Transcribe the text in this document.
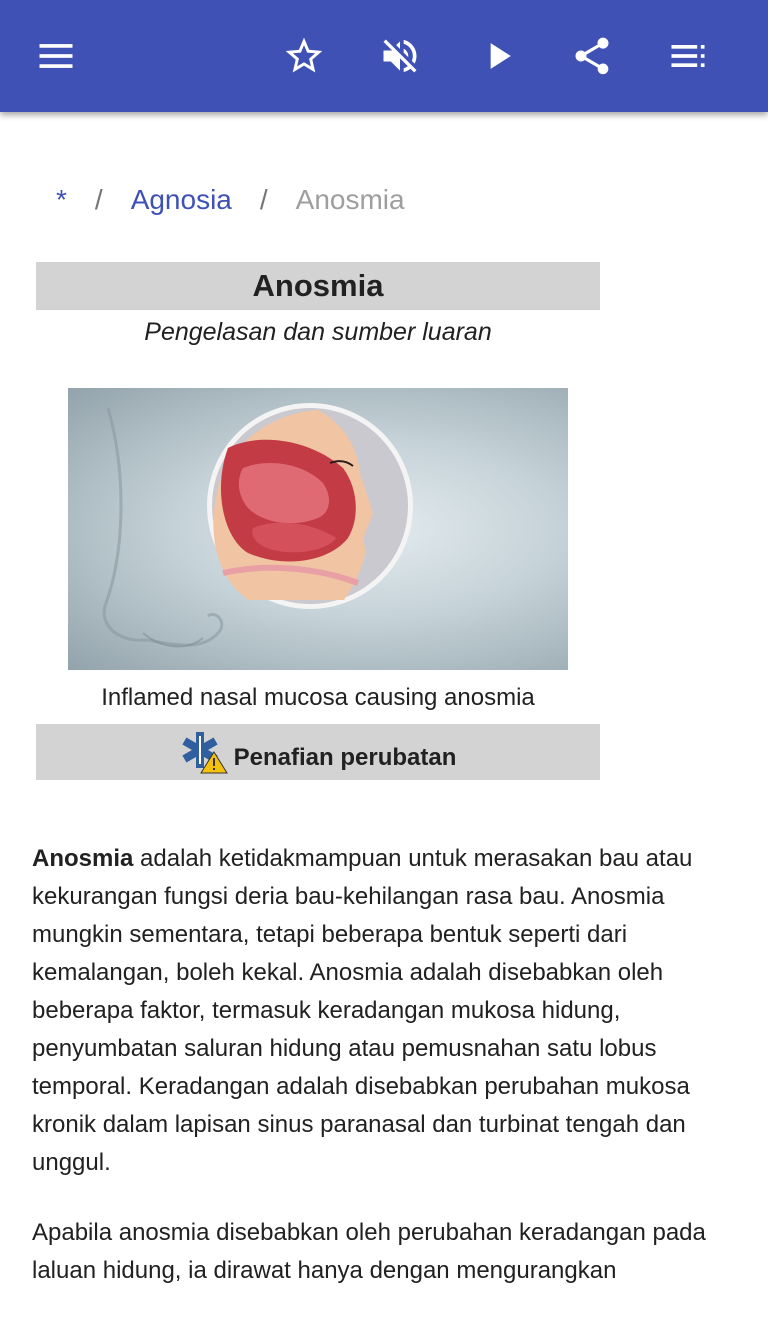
* / Agnosia / Anosmia
Anosmia
Pengelasan dan sumber luaran
Inflamed nasal mucosa causing anosmia
Penafian perubatan

Anosmia adalah ketidakmampuan untuk merasakan bau atau kekurangan fungsi deria bau-kehilangan rasa bau. Anosmia mungkin sementara, tetapi beberapa bentuk seperti dari kemalangan, boleh kekal. Anosmia adalah disebabkan oleh beberapa faktor, termasuk keradangan mukosa hidung, penyumbatan saluran hidung atau pemusnahan satu lobus temporal. Keradangan adalah disebabkan perubahan mukosa kronik dalam lapisan sinus paranasal dan turbinat tengah dan unggul.

Apabila anosmia disebabkan oleh perubahan keradangan pada laluan hidung, ia dirawat hanya dengan mengurangkan
